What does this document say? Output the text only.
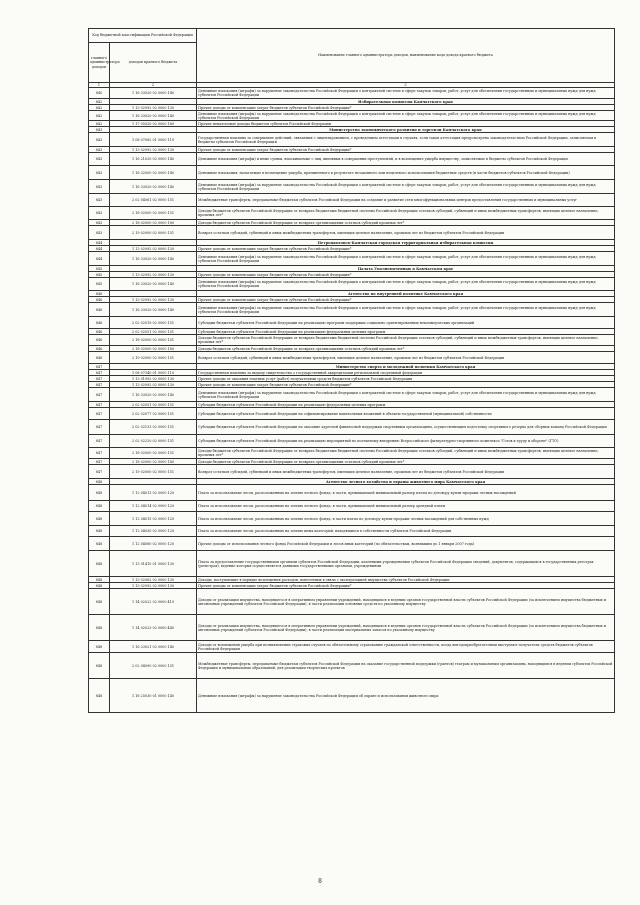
Код бюджетной классификации Российской Федерации		Наименование главного администратора доходов, наименование кода дохода краевого бюджета
главного администратора доходов	доходов краевого бюджета	
1	2	3
840	1 16 33020 02 0000 140	Денежные взыскания (штрафы) за нарушение законодательства Российской Федерации о контрактной системе в сфере закупок товаров, работ, услуг для обеспечения государственных и муниципальных нужд для нужд субъектов Российской Федерации
842		Избирательная комиссия Камчатского края
842	1 13 02992 02 0000 130	Прочие доходы от компенсации затрат бюджетов субъектов Российской Федерации*
842	1 16 33020 02 0000 140	Денежные взыскания (штрафы) за нарушение законодательства Российской Федерации о контрактной системе в сфере закупок товаров, работ, услуг для обеспечения государственных и муниципальных нужд для нужд субъектов Российской Федерации
842	1 17 05020 02 0000 180	Прочие неналоговые доходы бюджетов субъектов Российской Федерации
843		Министерство экономического развития и торговли Камчатского края
843	1 08 07082 01 0000 110	Государственная пошлина за совершение действий, связанных с лицензированием, с проведением аттестации в случаях, если такая аттестация предусмотрена законодательством Российской Федерации, зачисляемая в бюджеты субъектов Российской Федерации
843	1 13 02992 02 0000 130	Прочие доходы от компенсации затрат бюджетов субъектов Российской Федерации*
843	1 16 21020 02 0000 140	Денежные взыскания (штрафы) и иные суммы, взыскиваемые с лиц, виновных в совершении преступлений, и в возмещение ущерба имуществу, зачисляемые в бюджеты субъектов Российской Федерации
843	1 16 32000 02 0000 140	Денежные взыскания, налагаемые в возмещение ущерба, причиненного в результате незаконного или нецелевого использования бюджетных средств (в части бюджетов субъектов Российской Федерации)
843	1 16 33020 02 0000 140	Денежные взыскания (штрафы) за нарушение законодательства Российской Федерации о контрактной системе в сфере закупок товаров, работ, услуг для обеспечения государственных и муниципальных нужд для нужд субъектов Российской Федерации
843	2 02 04061 02 0000 151	Межбюджетные трансферты, передаваемые бюджетам субъектов Российской Федерации на создание и развитие сети многофункциональных центров предоставления государственных и муниципальных услуг
843	2 18 02000 02 0000 151	Доходы бюджетов субъектов Российской Федерации от возврата бюджетами бюджетной системы Российской Федерации остатков субсидий, субвенций и иных межбюджетных трансфертов, имеющих целевое назначение, прошлых лет*
843	2 18 02000 02 0000 180	Доходы бюджетов субъектов Российской Федерации от возврата организациями остатков субсидий прошлых лет*
843	2 19 02000 02 0000 151	Возврат остатков субсидий, субвенций и иных межбюджетных трансфертов, имеющих целевое назначение, прошлых лет из бюджетов субъектов Российской Федерации
844		Петропавловск-Камчатская городская территориальная избирательная комиссия
844	1 13 02992 02 0000 130	Прочие доходы от компенсации затрат бюджетов субъектов Российской Федерации*
844	1 16 33020 02 0000 140	Денежные взыскания (штрафы) за нарушение законодательства Российской Федерации о контрактной системе в сфере закупок товаров, работ, услуг для обеспечения государственных и муниципальных нужд для нужд субъектов Российской Федерации
845		Палата Уполномоченных в Камчатском крае
845	1 13 02992 02 0000 130	Прочие доходы от компенсации затрат бюджетов субъектов Российской Федерации*
845	1 16 33020 02 0000 140	Денежные взыскания (штрафы) за нарушение законодательства Российской Федерации о контрактной системе в сфере закупок товаров, работ, услуг для обеспечения государственных и муниципальных нужд для нужд субъектов Российской Федерации
846		Агентство по внутренней политике Камчатского края
846	1 13 02992 02 0000 130	Прочие доходы от компенсации затрат бюджетов субъектов Российской Федерации*
846	1 16 33020 02 0000 140	Денежные взыскания (штрафы) за нарушение законодательства Российской Федерации о контрактной системе в сфере закупок товаров, работ, услуг для обеспечения государственных и муниципальных нужд для нужд субъектов Российской Федерации
846	2 02 02019 02 0000 151	Субсидии бюджетам субъектов Российской Федерации на реализацию программ поддержки социально ориентированных некоммерческих организаций
846	2 02 02051 02 0000 151	Субсидии бюджетам субъектов Российской Федерации на реализацию федеральных целевых программ
846	2 18 02000 02 0000 151	Доходы бюджетов субъектов Российской Федерации от возврата бюджетами бюджетной системы Российской Федерации остатков субсидий, субвенций и иных межбюджетных трансфертов, имеющих целевое назначение, прошлых лет*
846	2 18 02000 02 0000 180	Доходы бюджетов субъектов Российской Федерации от возврата организациями остатков субсидий прошлых лет*
846	2 19 02000 02 0000 151	Возврат остатков субсидий, субвенций и иных межбюджетных трансфертов, имеющих целевое назначение, прошлых лет из бюджетов субъектов Российской Федерации
847		Министерство спорта и молодежной политики Камчатского края
847	1 08 07340 01 0000 110	Государственная пошлина за выдачу свидетельства о государственной аккредитации региональной спортивной федерации
847	1 13 01992 02 0000 130	Прочие доходы от оказания платных услуг (работ) получателями средств бюджетов субъектов Российской Федерации
847	1 13 02992 02 0000 130	Прочие доходы от компенсации затрат бюджетов субъектов Российской Федерации*
847	1 16 33020 02 0000 140	Денежные взыскания (штрафы) за нарушение законодательства Российской Федерации о контрактной системе в сфере закупок товаров, работ, услуг для обеспечения государственных и муниципальных нужд для нужд субъектов Российской Федерации
847	2 02 02051 02 0000 151	Субсидии бюджетам субъектов Российской Федерации на реализацию федеральных целевых программ
847	2 02 02077 02 0000 151	Субсидии бюджетам субъектов Российской Федерации на софинансирование капитальных вложений в объекты государственной (муниципальной) собственности
847	2 02 02133 02 0000 151	Субсидии бюджетам субъектов Российской Федерации на оказание адресной финансовой поддержки спортивным организациям, осуществляющим подготовку спортивного резерва для сборных команд Российской Федерации
847	2 02 02220 02 0000 151	Субсидии бюджетам субъектов Российской Федерации на реализацию мероприятий по поэтапному внедрению Всероссийского физкультурно-спортивного комплекса "Готов к труду и обороне" (ГТО)
847	2 18 02000 02 0000 151	Доходы бюджетов субъектов Российской Федерации от возврата бюджетами бюджетной системы Российской Федерации остатков субсидий, субвенций и иных межбюджетных трансфертов, имеющих целевое назначение, прошлых лет*
847	2 18 02000 02 0000 180	Доходы бюджетов субъектов Российской Федерации от возврата организациями остатков субсидий прошлых лет*
847	2 19 02000 02 0000 151	Возврат остатков субсидий, субвенций и иных межбюджетных трансфертов, имеющих целевое назначение, прошлых лет из бюджетов субъектов Российской Федерации
848		Агентство лесного хозяйства и охраны животного мира Камчатского края
848	1 12 04013 02 0000 120	Плата за использование лесов, расположенных на землях лесного фонда, в части, превышающей минимальный размер платы по договору купли-продажи лесных насаждений
848	1 12 04014 02 0000 120	Плата за использование лесов, расположенных на землях лесного фонда, в части, превышающей минимальный размер арендной платы
848	1 12 04015 02 0000 120	Плата за использование лесов, расположенных на землях лесного фонда, в части платы по договору купли-продажи лесных насаждений для собственных нужд
848	1 12 04030 02 0000 120	Плата за использование лесов, расположенных на землях иных категорий, находящихся в собственности субъектов Российской Федерации
848	1 12 04080 02 0000 120	Прочие доходы от использования лесного фонда Российской Федерации и лесов иных категорий (по обязательствам, возникшим до 1 января 2007 года)
848	1 13 01410 01 0000 130	Плата за предоставление государственными органами субъектов Российской Федерации, казенными учреждениями субъектов Российской Федерации сведений, документов, содержащихся в государственных реестрах (регистрах), ведение которых осуществляется данными государственными органами, учреждениями
848	1 13 02062 02 0000 130	Доходы, поступающие в порядке возмещения расходов, понесенных в связи с эксплуатацией имущества субъектов Российской Федерации
848	1 13 02992 02 0000 130	Прочие доходы от компенсации затрат бюджетов субъектов Российской Федерации*
848	1 14 02022 02 0000 410	Доходы от реализации имущества, находящегося в оперативном управлении учреждений, находящихся в ведении органов государственной власти субъектов Российской Федерации (за исключением имущества бюджетных и автономных учреждений субъектов Российской Федерации), в части реализации основных средств по указанному имуществу
848	1 14 02023 02 0000 440	Доходы от реализации имущества, находящегося в оперативном управлении учреждений, находящихся в ведении органов государственной власти субъектов Российской Федерации (за исключением имущества бюджетных и автономных учреждений субъектов Российской Федерации), в части реализации материальных запасов по указанному имуществу
848	1 16 23021 02 0000 140	Доходы от возмещения ущерба при возникновении страховых случаев по обязательному страхованию гражданской ответственности, когда выгодоприобретателями выступают получатели средств бюджетов субъектов Российской Федерации
848	2 02 04090 02 0000 151	Межбюджетные трансферты, передаваемые бюджетам субъектов Российской Федерации на оказание государственной поддержки (грантов) театрам и музыкальным организациям, находящимся в ведении субъектов Российской Федерации и муниципальных образований, для реализации творческих проектов
848	1 16 25030 01 0000 140	Денежные взыскания (штрафы) за нарушение законодательства Российской Федерации об охране и использовании животного мира
8
